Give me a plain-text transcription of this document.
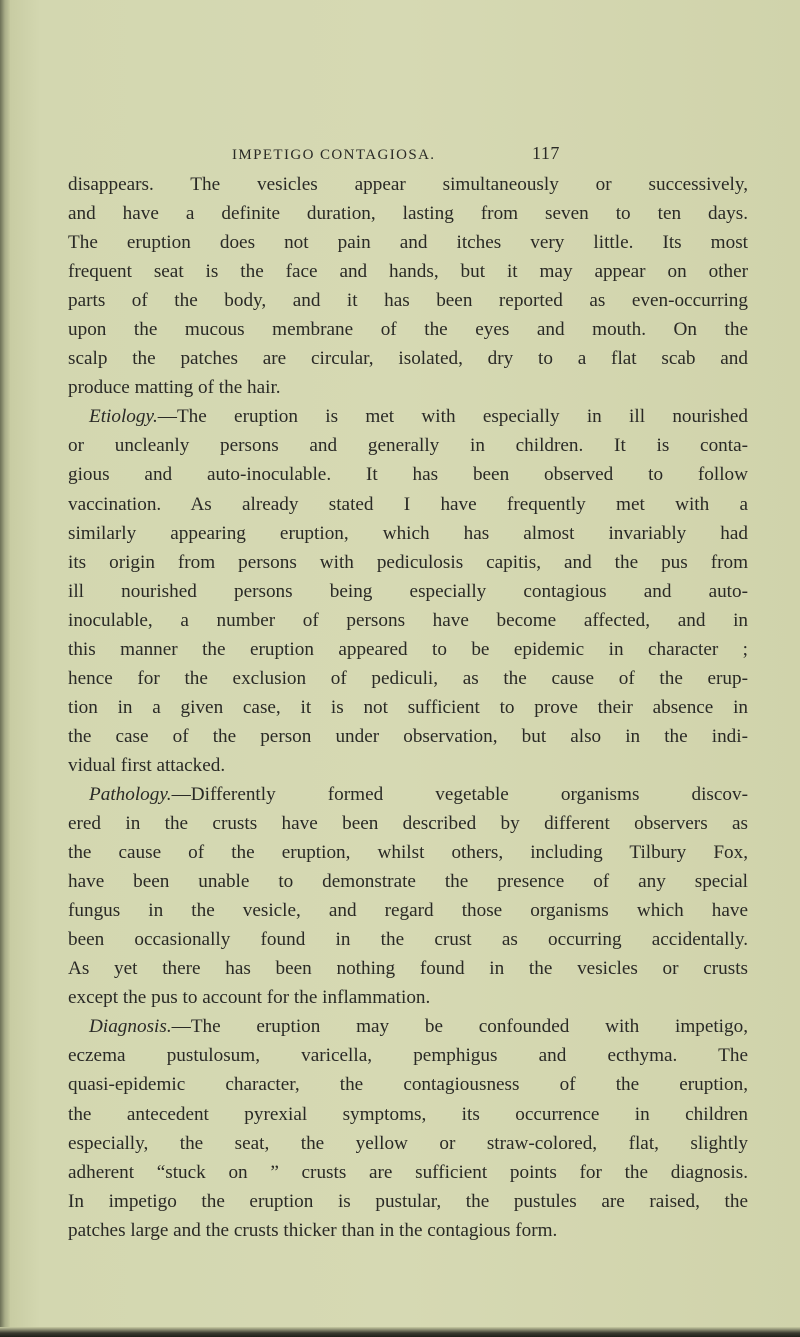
IMPETIGO CONTAGIOSA.	117
disappears. The vesicles appear simultaneously or successively,
and have a definite duration, lasting from seven to ten days.
The eruption does not pain and itches very little. Its most
frequent seat is the face and hands, but it may appear on other
parts of the body, and it has been reported as even-occurring
upon the mucous membrane of the eyes and mouth. On the
scalp the patches are circular, isolated, dry to a flat scab and
produce matting of the hair.
Etiology.—The eruption is met with especially in ill nourished
or uncleanly persons and generally in children. It is conta-
gious and auto-inoculable. It has been observed to follow
vaccination. As already stated I have frequently met with a
similarly appearing eruption, which has almost invariably had
its origin from persons with pediculosis capitis, and the pus from
ill nourished persons being especially contagious and auto-
inoculable, a number of persons have become affected, and in
this manner the eruption appeared to be epidemic in character ;
hence for the exclusion of pediculi, as the cause of the erup-
tion in a given case, it is not sufficient to prove their absence in
the case of the person under observation, but also in the indi-
vidual first attacked.
Pathology.—Differently formed vegetable organisms discov-
ered in the crusts have been described by different observers as
the cause of the eruption, whilst others, including Tilbury Fox,
have been unable to demonstrate the presence of any special
fungus in the vesicle, and regard those organisms which have
been occasionally found in the crust as occurring accidentally.
As yet there has been nothing found in the vesicles or crusts
except the pus to account for the inflammation.
Diagnosis.—The eruption may be confounded with impetigo,
eczema pustulosum, varicella, pemphigus and ecthyma. The
quasi-epidemic character, the contagiousness of the eruption,
the antecedent pyrexial symptoms, its occurrence in children
especially, the seat, the yellow or straw-colored, flat, slightly
adherent “stuck on ” crusts are sufficient points for the diagnosis.
In impetigo the eruption is pustular, the pustules are raised, the
patches large and the crusts thicker than in the contagious form.
